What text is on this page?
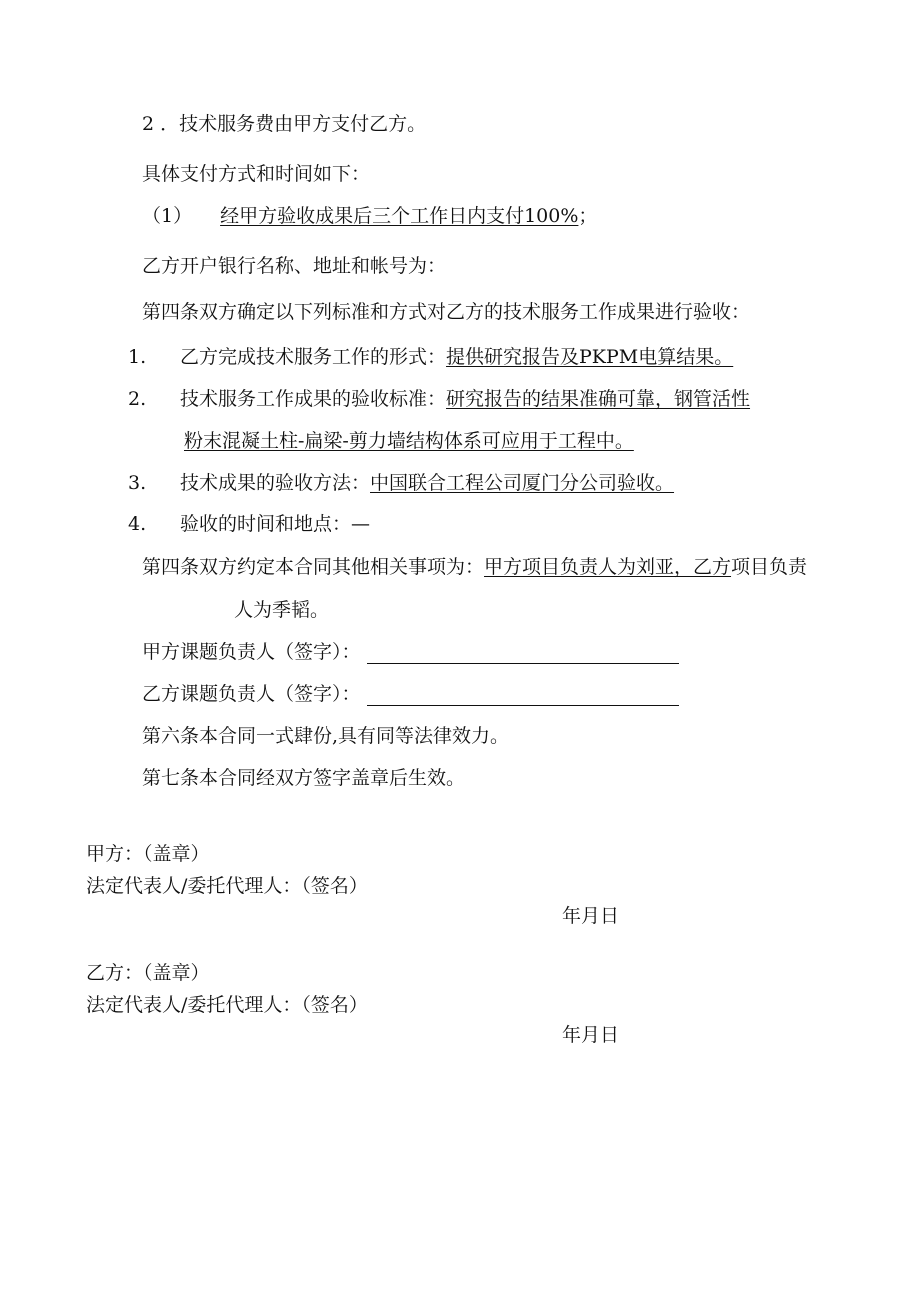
2 ．技术服务费由甲方支付乙方。
具体支付方式和时间如下：
（1） 经甲方验收成果后三个工作日内支付100%；
乙方开户银行名称、地址和帐号为：
第四条双方确定以下列标准和方式对乙方的技术服务工作成果进行验收：
1. 乙方完成技术服务工作的形式：提供研究报告及PKPM电算结果。
2. 技术服务工作成果的验收标准：研究报告的结果准确可靠，钢管活性
粉末混凝土柱-扁梁-剪力墙结构体系可应用于工程中。
3. 技术成果的验收方法：中国联合工程公司厦门分公司验收。
4. 验收的时间和地点：—
第四条双方约定本合同其他相关事项为：甲方项目负责人为刘亚，乙方项目负责
人为季韬。
甲方课题负责人（签字）：
乙方课题负责人（签字）：
第六条本合同一式肆份,具有同等法律效力。
第七条本合同经双方签字盖章后生效。
甲方：（盖章）
法定代表人/委托代理人：（签名）
年月日
乙方：（盖章）
法定代表人/委托代理人：（签名）
年月日
